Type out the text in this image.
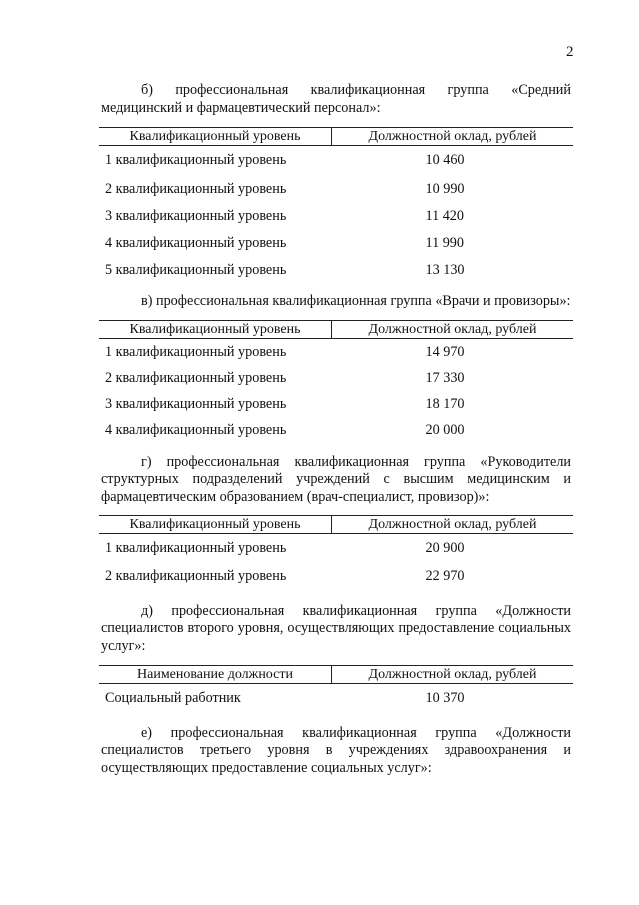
2

б) профессиональная квалификационная группа «Средний медицинский и фармацевтический персонал»:

Квалификационный уровень	Должностной оклад, рублей
1 квалификационный уровень	10 460
2 квалификационный уровень	10 990
3 квалификационный уровень	11 420
4 квалификационный уровень	11 990
5 квалификационный уровень	13 130

в) профессиональная квалификационная группа «Врачи и провизоры»:

Квалификационный уровень	Должностной оклад, рублей
1 квалификационный уровень	14 970
2 квалификационный уровень	17 330
3 квалификационный уровень	18 170
4 квалификационный уровень	20 000

г) профессиональная квалификационная группа «Руководители структурных подразделений учреждений с высшим медицинским и фармацевтическим образованием (врач-специалист, провизор)»:

Квалификационный уровень	Должностной оклад, рублей
1 квалификационный уровень	20 900
2 квалификационный уровень	22 970

д) профессиональная квалификационная группа «Должности специалистов второго уровня, осуществляющих предоставление социальных услуг»:

Наименование должности	Должностной оклад, рублей
Социальный работник	10 370

е) профессиональная квалификационная группа «Должности специалистов третьего уровня в учреждениях здравоохранения и осуществляющих предоставление социальных услуг»:
